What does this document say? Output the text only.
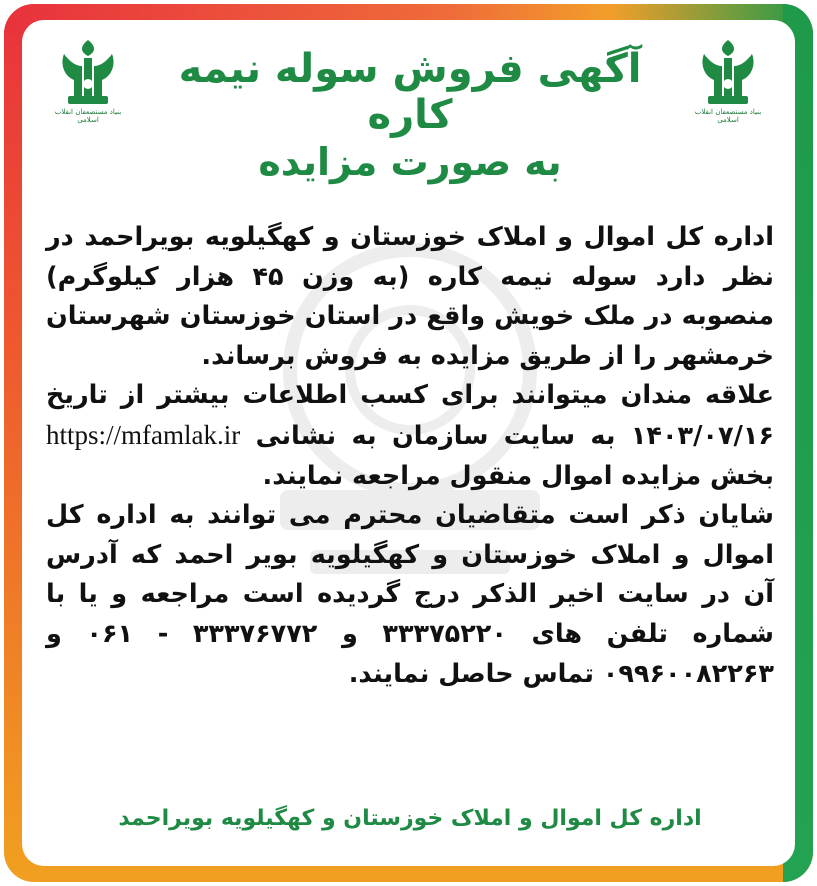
بنیاد مستضعفان انقلاب اسلامی
بنیاد مستضعفان انقلاب اسلامی
آگهی فروش سوله نیمه کاره
به صورت مزایده

اداره کل اموال و املاک خوزستان و کهگیلویه بویراحمد در نظر دارد سوله نیمه کاره (به وزن ۴۵ هزار کیلوگرم) منصوبه در ملک خویش واقع در استان خوزستان شهرستان خرمشهر را از طریق مزایده به فروش برساند.

علاقه مندان میتوانند برای کسب اطلاعات بیشتر از تاریخ ۱۴۰۳/۰۷/۱۶ به سایت سازمان به نشانی https://mfamlak.ir بخش مزایده اموال منقول مراجعه نمایند.

شایان ذکر است متقاضیان محترم می توانند به اداره کل اموال و املاک خوزستان و کهگیلویه بویر احمد که آدرس آن در سایت اخیر الذکر درج گردیده است مراجعه و یا با شماره تلفن های ۳۳۳۷۵۲۲۰ و ۳۳۳۷۶۷۷۲ - ۰۶۱ و ۰۹۹۶۰۰۸۲۲۶۳ تماس حاصل نمایند.

اداره کل اموال و املاک خوزستان و کهگیلویه بویراحمد
